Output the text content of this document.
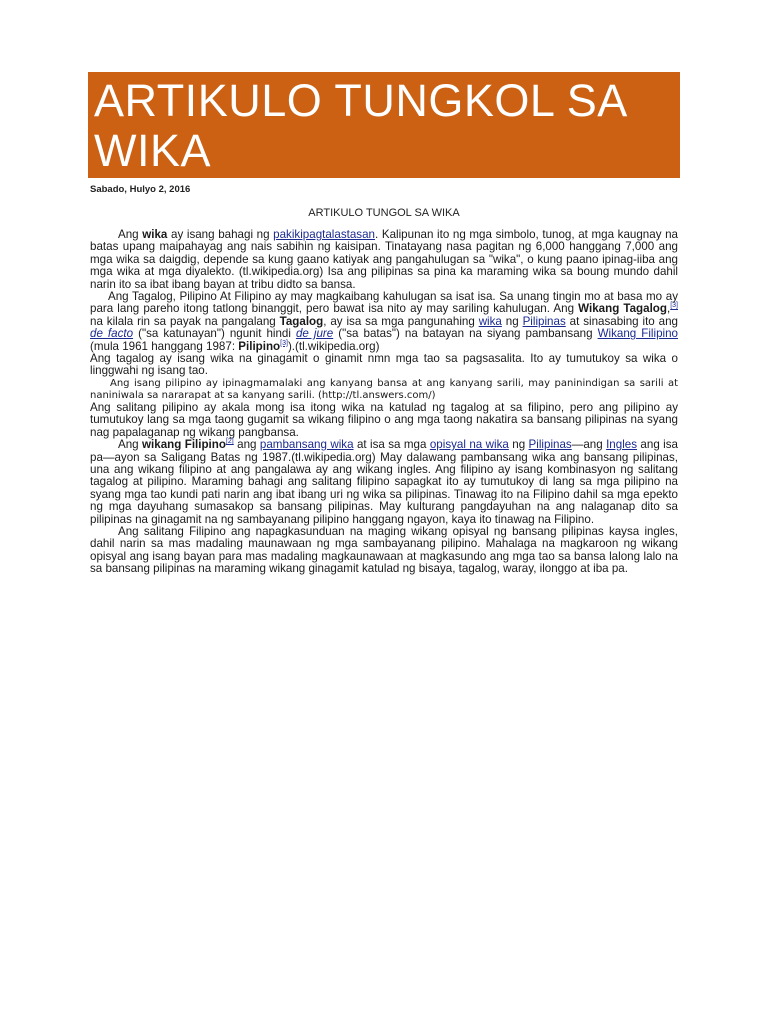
ARTIKULO TUNGKOL SA WIKA
Sabado, Hulyo 2, 2016
ARTIKULO TUNGOL SA WIKA

Ang wika ay isang bahagi ng pakikipagtalastasan. Kalipunan ito ng mga simbolo, tunog, at mga kaugnay na batas upang maipahayag ang nais sabihin ng kaisipan. Tinatayang nasa pagitan ng 6,000 hanggang 7,000 ang mga wika sa daigdig, depende sa kung gaano katiyak ang pangahulugan sa "wika", o kung paano ipinag-iiba ang mga wika at mga diyalekto. (tl.wikipedia.org) Isa ang pilipinas sa pina ka maraming wika sa boung mundo dahil narin ito sa ibat ibang bayan at tribu didto sa bansa.

Ang Tagalog, Pilipino At Filipino ay may magkaibang kahulugan sa isat isa. Sa unang tingin mo at basa mo ay para lang pareho itong tatlong binanggit, pero bawat isa nito ay may sariling kahulugan. Ang Wikang Tagalog,[3] na kilala rin sa payak na pangalang Tagalog, ay isa sa mga pangunahing wika ng Pilipinas at sinasabing ito ang de facto ("sa katunayan") ngunit hindi de jure ("sa batas") na batayan na siyang pambansang Wikang Filipino (mula 1961 hanggang 1987: Pilipino[3]).(tl.wikipedia.org)

Ang tagalog ay isang wika na ginagamit o ginamit nmn mga tao sa pagsasalita. Ito ay tumutukoy sa wika o linggwahi ng isang tao.

Ang isang pilipino ay ipinagmamalaki ang kanyang bansa at ang kanyang sarili, may paninindigan sa sarili at naniniwala sa nararapat at sa kanyang sarili. (http://tl.answers.com/)

Ang salitang pilipino ay akala mong isa itong wika na katulad ng tagalog at sa filipino, pero ang pilipino ay tumutukoy lang sa mga taong gugamit sa wikang filipino o ang mga taong nakatira sa bansang pilipinas na syang nag papalaganap ng wikang pangbansa.

Ang wikang Filipino[2] ang pambansang wika at isa sa mga opisyal na wika ng Pilipinas—ang Ingles ang isa pa—ayon sa Saligang Batas ng 1987.(tl.wikipedia.org) May dalawang pambansang wika ang bansang pilipinas, una ang wikang filipino at ang pangalawa ay ang wikang ingles. Ang filipino ay isang kombinasyon ng salitang tagalog at pilipino. Maraming bahagi ang salitang filipino sapagkat ito ay tumutukoy di lang sa mga pilipino na syang mga tao kundi pati narin ang ibat ibang uri ng wika sa pilipinas. Tinawag ito na Filipino dahil sa mga epekto ng mga dayuhang sumasakop sa bansang pilipinas. May kulturang pangdayuhan na ang nalaganap dito sa pilipinas na ginagamit na ng sambayanang pilipino hanggang ngayon, kaya ito tinawag na Filipino.

Ang salitang Filipino ang napagkasunduan na maging wikang opisyal ng bansang pilipinas kaysa ingles, dahil narin sa mas madaling maunawaan ng mga sambayanang pilipino. Mahalaga na magkaroon ng wikang opisyal ang isang bayan para mas madaling magkaunawaan at magkasundo ang mga tao sa bansa lalong lalo na sa bansang pilipinas na maraming wikang ginagamit katulad ng bisaya, tagalog, waray, ilonggo at iba pa.
